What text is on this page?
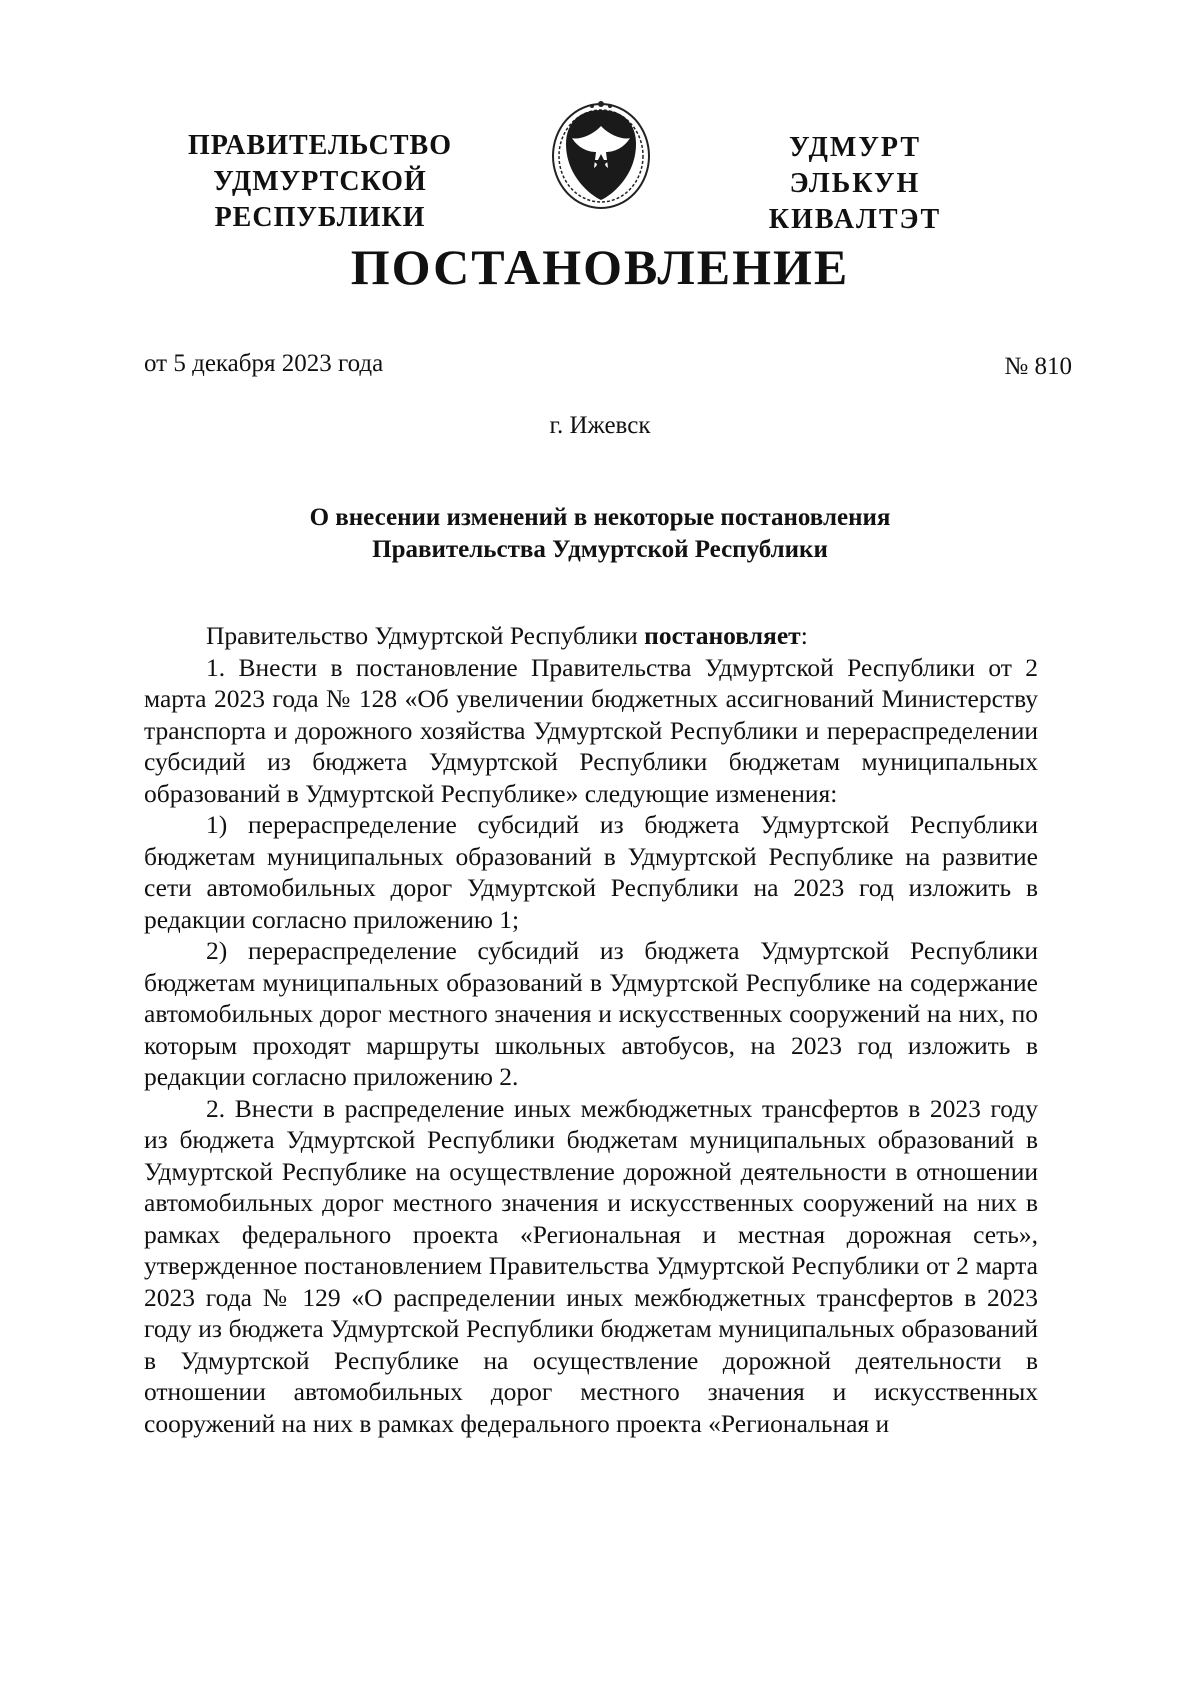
ПРАВИТЕЛЬСТВО
УДМУРТСКОЙ РЕСПУБЛИКИ
УДМУРТ ЭЛЬКУН
КИВАЛТЭТ
ПОСТАНОВЛЕНИЕ
от 5 декабря 2023 года	№ 810
г. Ижевск
О внесении изменений в некоторые постановления
Правительства Удмуртской Республики

Правительство Удмуртской Республики постановляет:

1. Внести в постановление Правительства Удмуртской Республики от 2 марта 2023 года № 128 «Об увеличении бюджетных ассигнований Министерству транспорта и дорожного хозяйства Удмуртской Республики и перераспределении субсидий из бюджета Удмуртской Республики бюджетам муниципальных образований в Удмуртской Республике» следующие изменения:

1) перераспределение субсидий из бюджета Удмуртской Республики бюджетам муниципальных образований в Удмуртской Республике на развитие сети автомобильных дорог Удмуртской Республики на 2023 год изложить в редакции согласно приложению 1;

2) перераспределение субсидий из бюджета Удмуртской Республики бюджетам муниципальных образований в Удмуртской Республике на содержание автомобильных дорог местного значения и искусственных сооружений на них, по которым проходят маршруты школьных автобусов, на 2023 год изложить в редакции согласно приложению 2.

2. Внести в распределение иных межбюджетных трансфертов в 2023 году из бюджета Удмуртской Республики бюджетам муниципальных образований в Удмуртской Республике на осуществление дорожной деятельности в отношении автомобильных дорог местного значения и искусственных сооружений на них в рамках федерального проекта «Региональная и местная дорожная сеть», утвержденное постановлением Правительства Удмуртской Республики от 2 марта 2023 года № 129 «О распределении иных межбюджетных трансфертов в 2023 году из бюджета Удмуртской Республики бюджетам муниципальных образований в Удмуртской Республике на осуществление дорожной деятельности в отношении автомобильных дорог местного значения и искусственных сооружений на них в рамках федерального проекта «Региональная и
